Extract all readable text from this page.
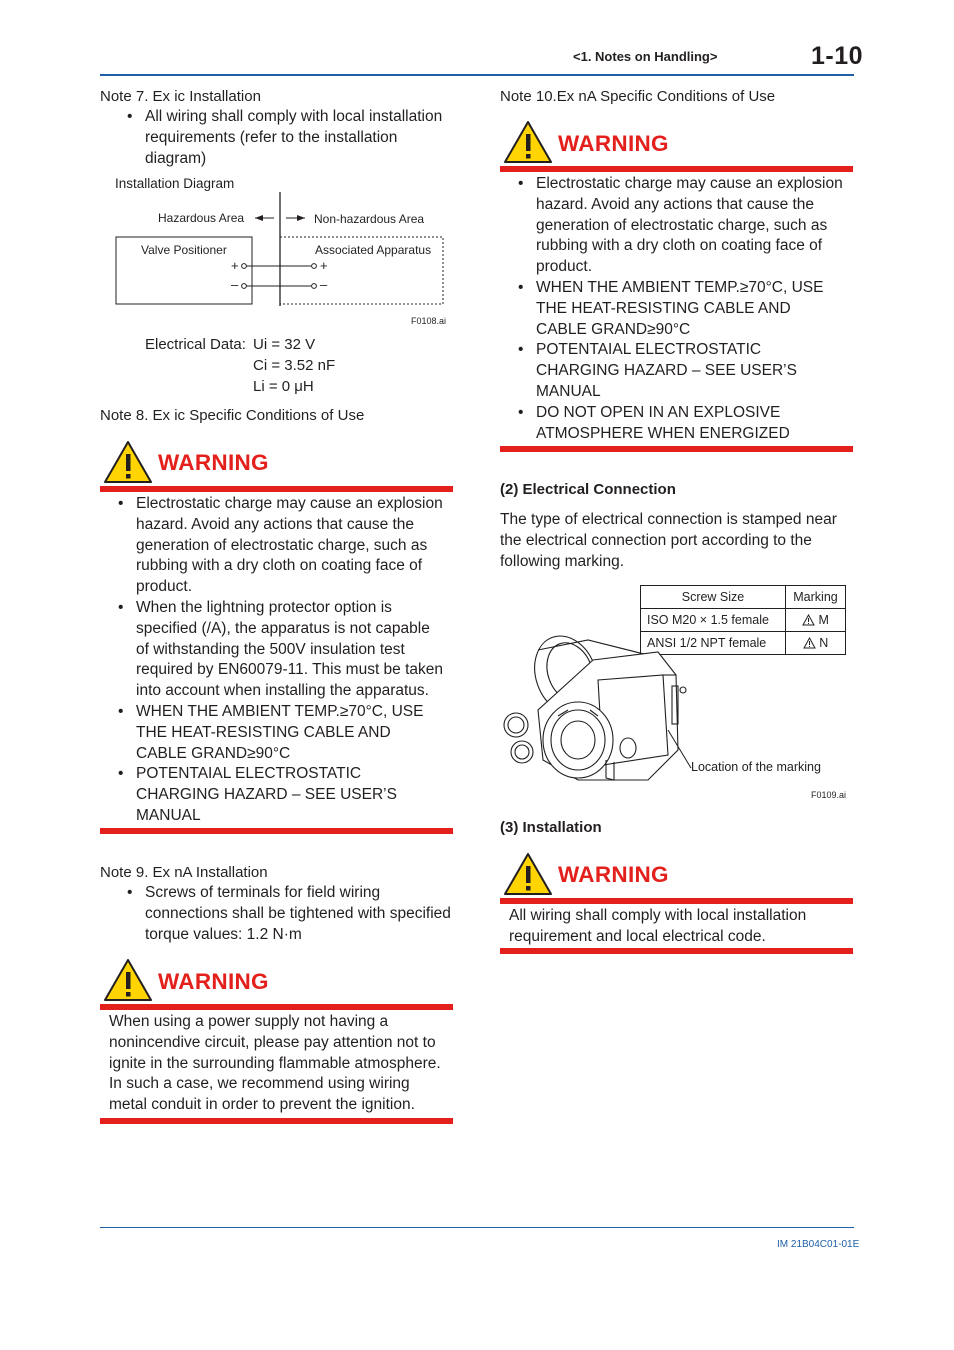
<1. Notes on Handling>	1-10
Note 7. Ex ic Installation
• All wiring shall comply with local installation
requirements (refer to the installation
diagram)
Installation Diagram
Hazardous Area	Non-hazardous Area
Valve Positioner	Associated Apparatus
+
–
+
–
F0108.ai
Electrical Data: Ui = 32 V
Ci = 3.52 nF
Li = 0 μH
Note 8. Ex ic Specific Conditions of Use
WARNING
• Electrostatic charge may cause an explosion
hazard. Avoid any actions that cause the
generation of electrostatic charge, such as
rubbing with a dry cloth on coating face of
product.
• When the lightning protector option is
specified (/A), the apparatus is not capable
of withstanding the 500V insulation test
required by EN60079-11. This must be taken
into account when installing the apparatus.
• WHEN THE AMBIENT TEMP.≥70°C, USE
THE HEAT-RESISTING CABLE AND
CABLE GRAND≥90°C
• POTENTAIAL ELECTROSTATIC
CHARGING HAZARD – SEE USER’S
MANUAL
Note 9. Ex nA Installation
• Screws of terminals for field wiring
connections shall be tightened with specified
torque values: 1.2 N·m
WARNING
When using a power supply not having a
nonincendive circuit, please pay attention not to
ignite in the surrounding flammable atmosphere.
In such a case, we recommend using wiring
metal conduit in order to prevent the ignition.
Note 10.Ex nA Specific Conditions of Use
WARNING
• Electrostatic charge may cause an explosion
hazard. Avoid any actions that cause the
generation of electrostatic charge, such as
rubbing with a dry cloth on coating face of
product.
• WHEN THE AMBIENT TEMP.≥70°C, USE
THE HEAT-RESISTING CABLE AND
CABLE GRAND≥90°C
• POTENTAIAL ELECTROSTATIC
CHARGING HAZARD – SEE USER’S
MANUAL
• DO NOT OPEN IN AN EXPLOSIVE
ATMOSPHERE WHEN ENERGIZED
(2) Electrical Connection
The type of electrical connection is stamped near
the electrical connection port according to the
following marking.
Screw Size	Marking
ISO M20 × 1.5 female	M
ANSI 1/2 NPT female	N
Location of the marking
F0109.ai
(3) Installation
WARNING
All wiring shall comply with local installation
requirement and local electrical code.
IM 21B04C01-01E
